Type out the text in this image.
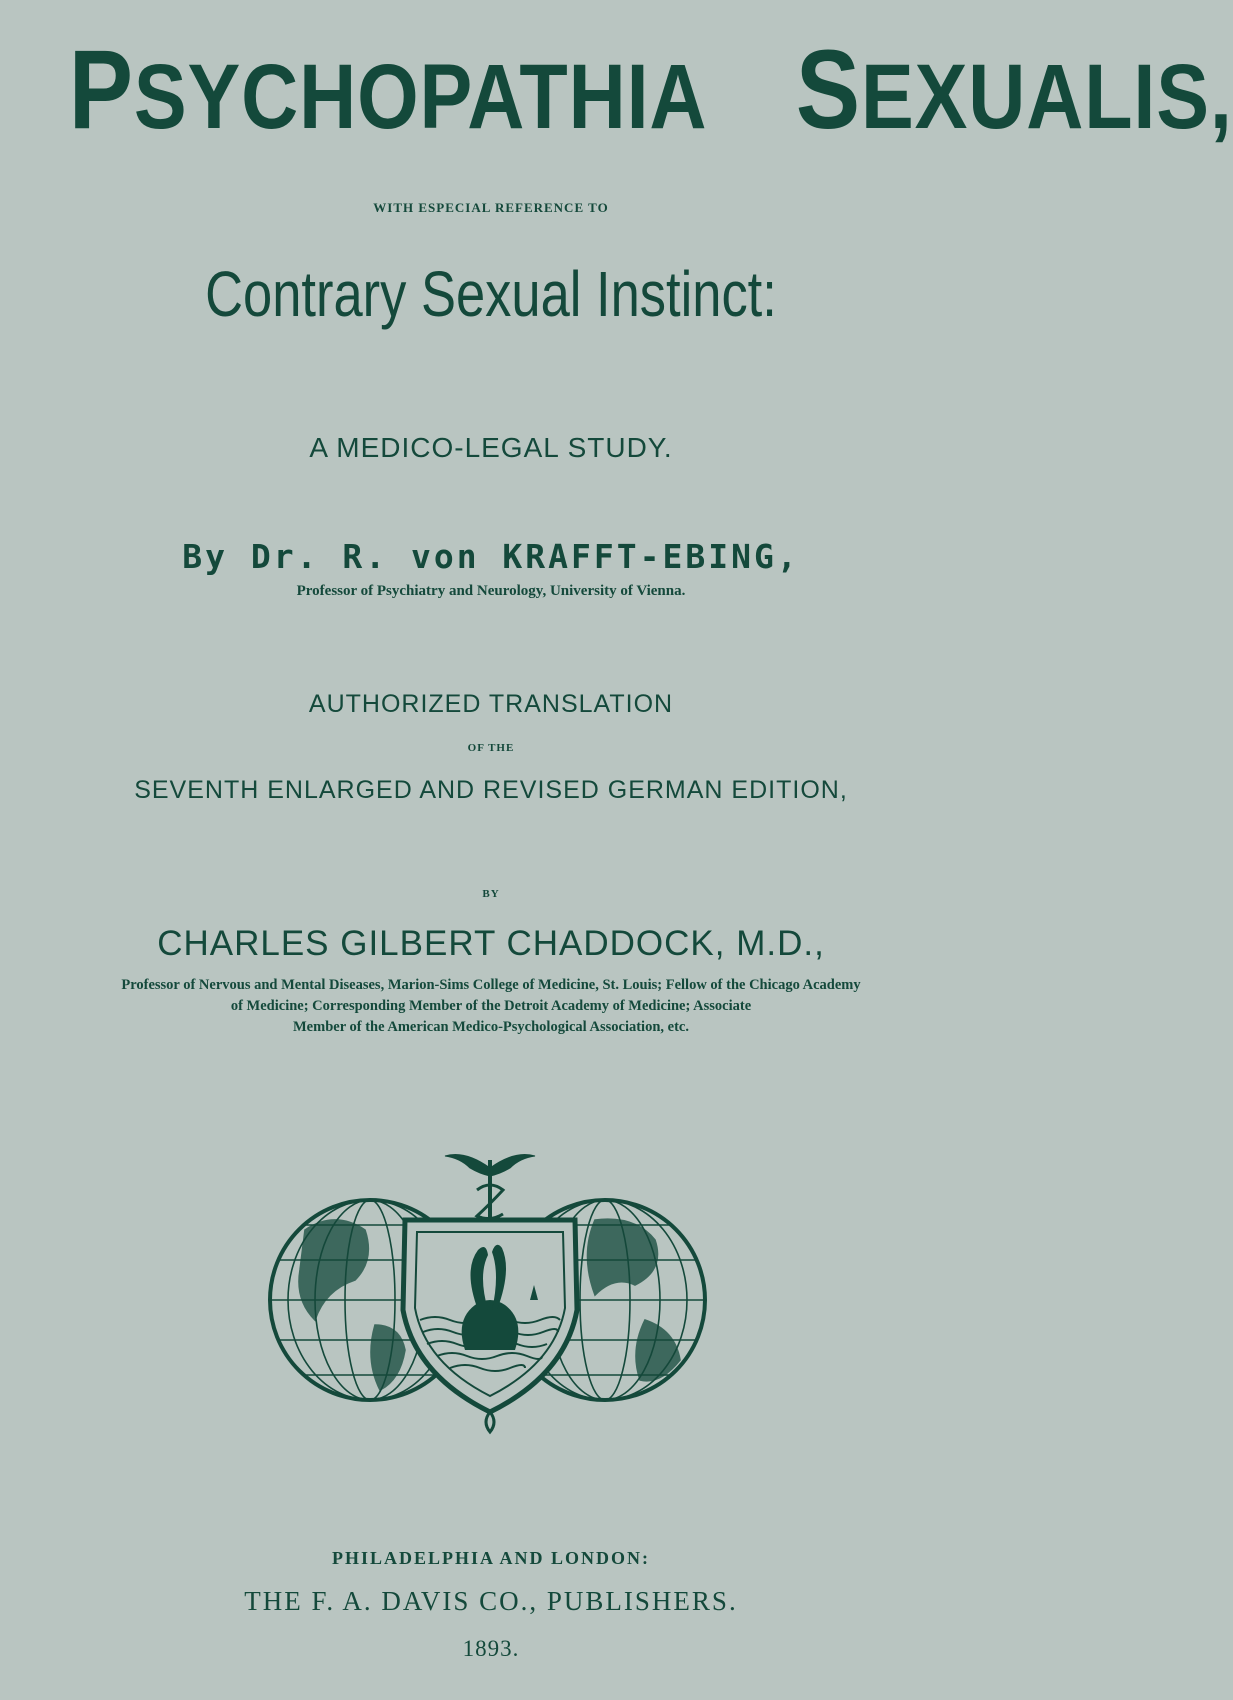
PSYCHOPATHIA SEXUALIS,

WITH ESPECIAL REFERENCE TO

Contrary Sexual Instinct:

A MEDICO-LEGAL STUDY.

By Dr. R. von KRAFFT-EBING,

Professor of Psychiatry and Neurology, University of Vienna.

AUTHORIZED TRANSLATION

OF THE

SEVENTH ENLARGED AND REVISED GERMAN EDITION,

BY

CHARLES GILBERT CHADDOCK, M.D.,

Professor of Nervous and Mental Diseases, Marion-Sims College of Medicine, St. Louis; Fellow of the Chicago Academy
of Medicine; Corresponding Member of the Detroit Academy of Medicine; Associate
Member of the American Medico-Psychological Association, etc.

PHILADELPHIA AND LONDON:

THE F. A. DAVIS CO., PUBLISHERS.

1893.
